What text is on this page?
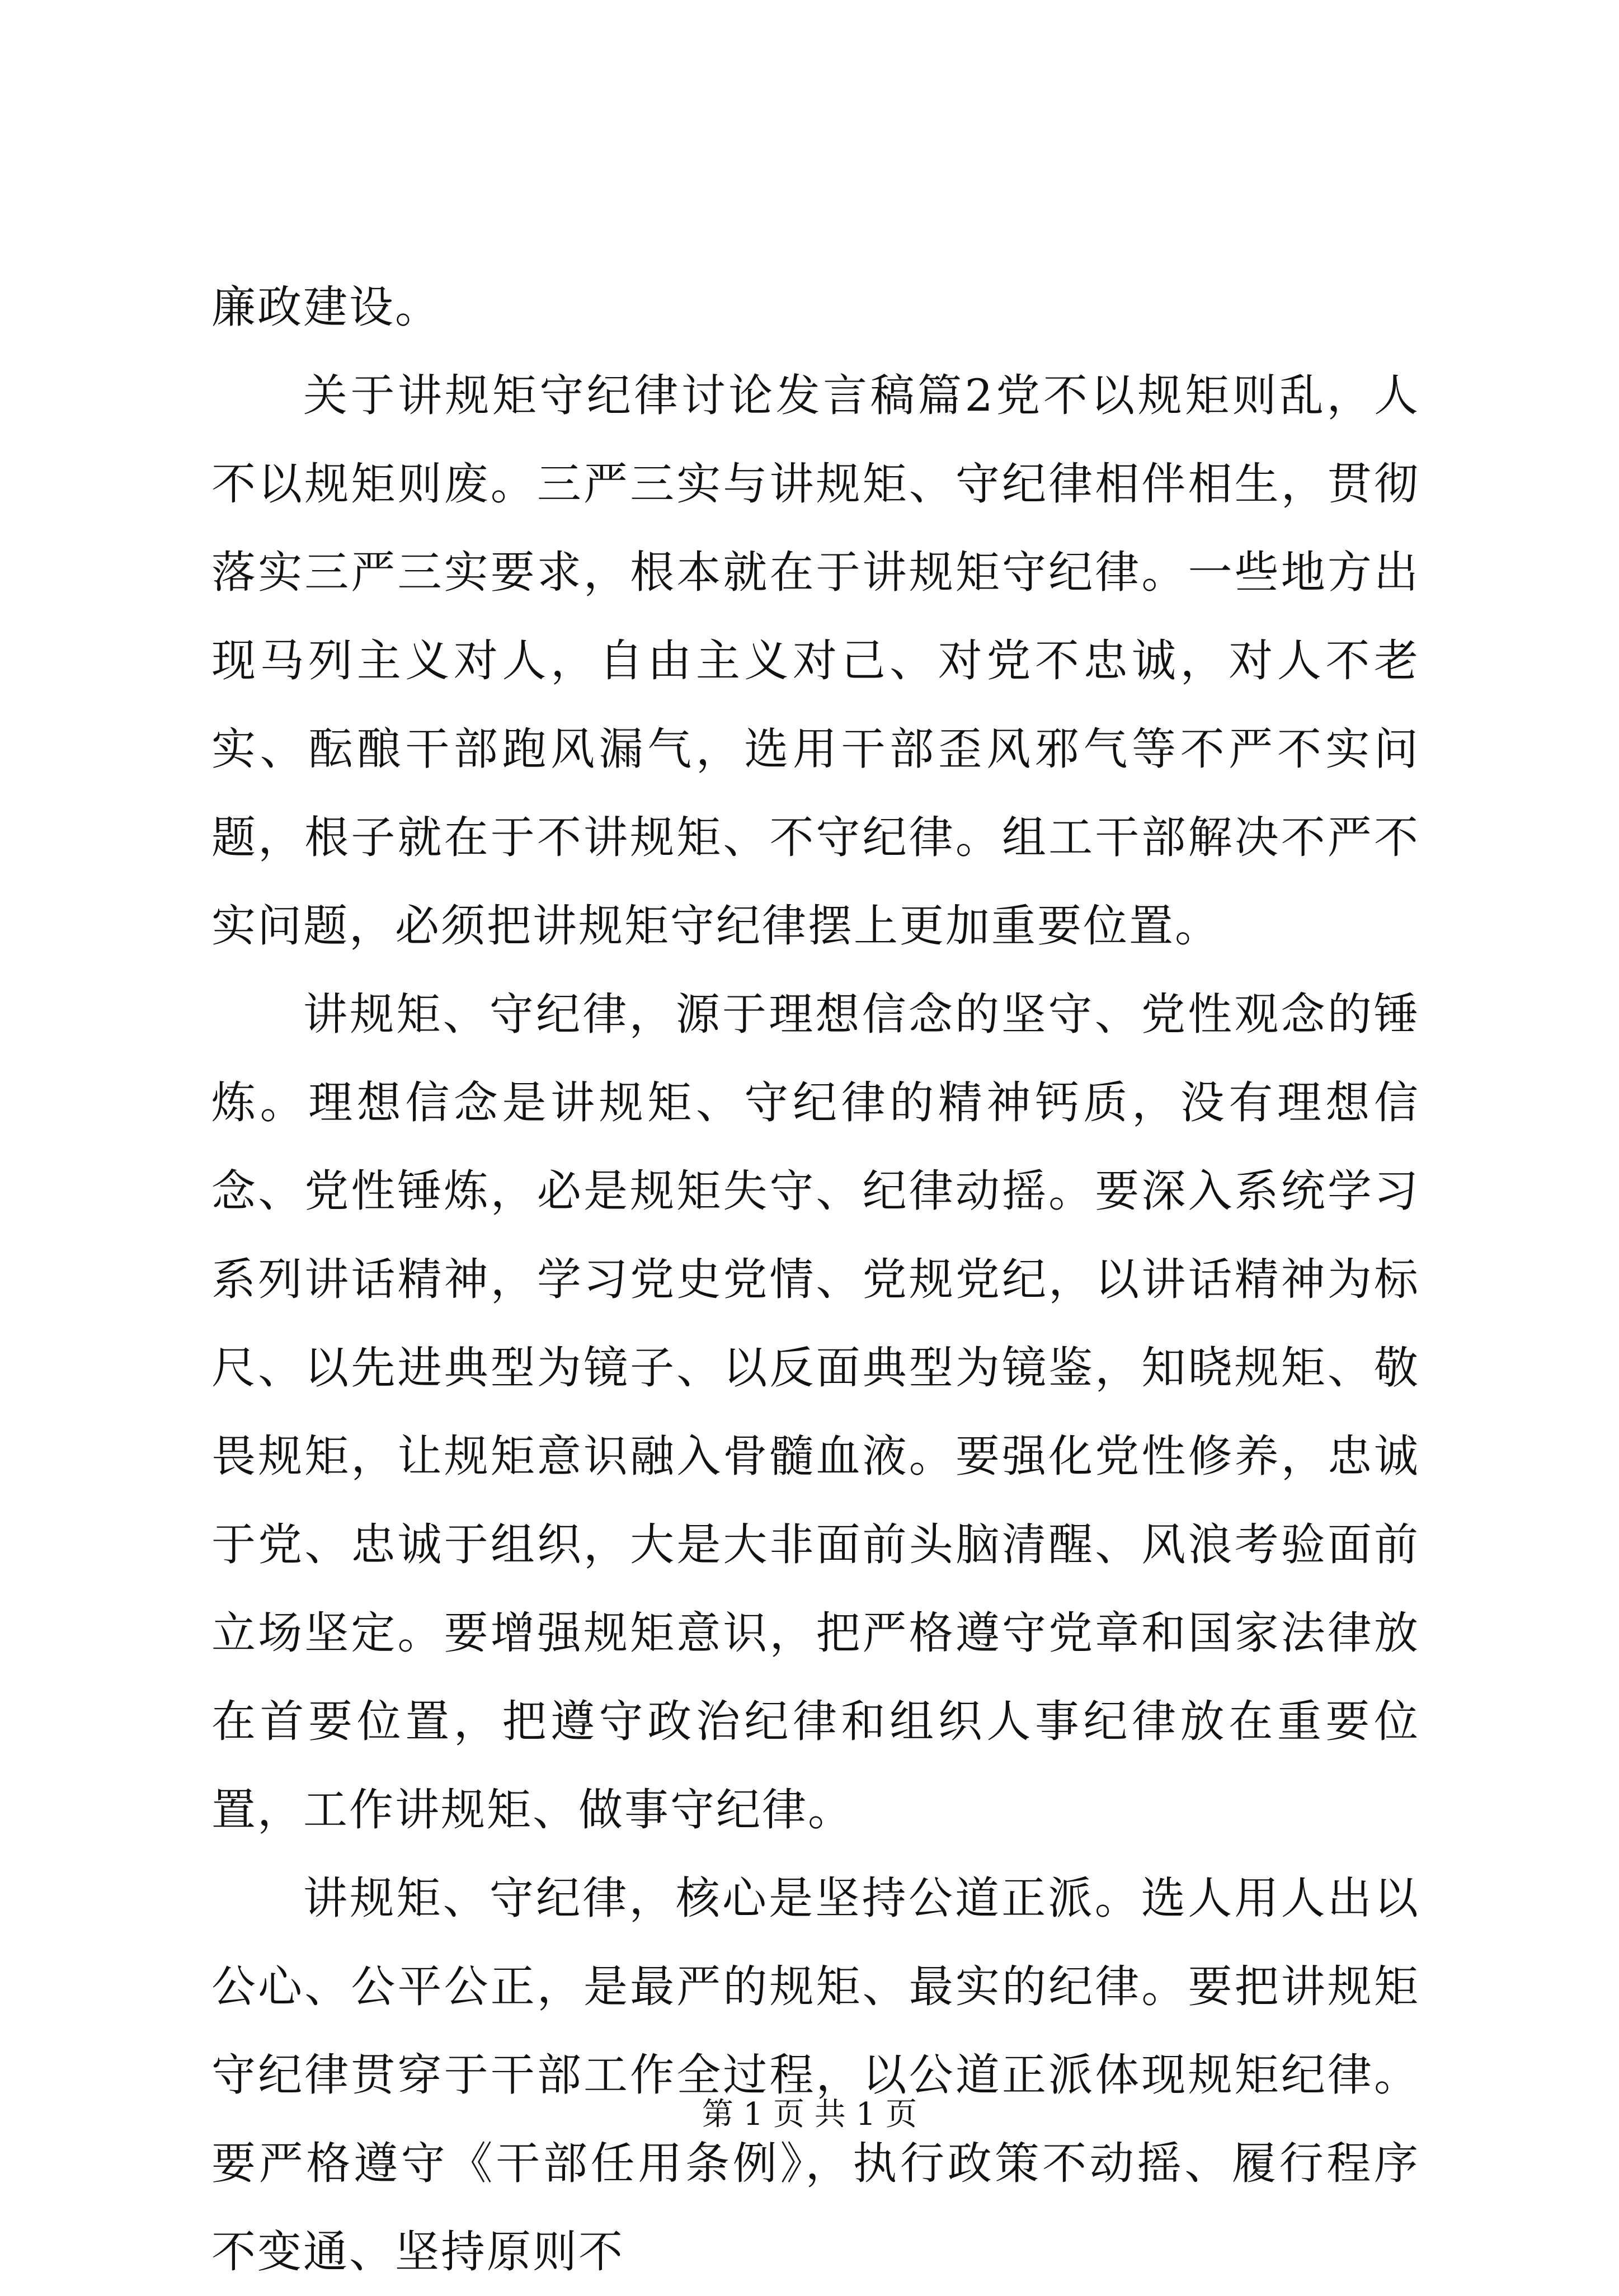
廉政建设。

关于讲规矩守纪律讨论发言稿篇2党不以规矩则乱，人不以规矩则废。三严三实与讲规矩、守纪律相伴相生，贯彻落实三严三实要求，根本就在于讲规矩守纪律。一些地方出现马列主义对人，自由主义对己、对党不忠诚，对人不老实、酝酿干部跑风漏气，选用干部歪风邪气等不严不实问题，根子就在于不讲规矩、不守纪律。组工干部解决不严不实问题，必须把讲规矩守纪律摆上更加重要位置。

讲规矩、守纪律，源于理想信念的坚守、党性观念的锤炼。理想信念是讲规矩、守纪律的精神钙质，没有理想信念、党性锤炼，必是规矩失守、纪律动摇。要深入系统学习系列讲话精神，学习党史党情、党规党纪，以讲话精神为标尺、以先进典型为镜子、以反面典型为镜鉴，知晓规矩、敬畏规矩，让规矩意识融入骨髓血液。要强化党性修养，忠诚于党、忠诚于组织，大是大非面前头脑清醒、风浪考验面前立场坚定。要增强规矩意识，把严格遵守党章和国家法律放在首要位置，把遵守政治纪律和组织人事纪律放在重要位置，工作讲规矩、做事守纪律。

讲规矩、守纪律，核心是坚持公道正派。选人用人出以公心、公平公正，是最严的规矩、最实的纪律。要把讲规矩守纪律贯穿于干部工作全过程，以公道正派体现规矩纪律。要严格遵守《干部任用条例》，执行政策不动摇、履行程序不变通、坚持原则不

第 1 页 共 1 页
